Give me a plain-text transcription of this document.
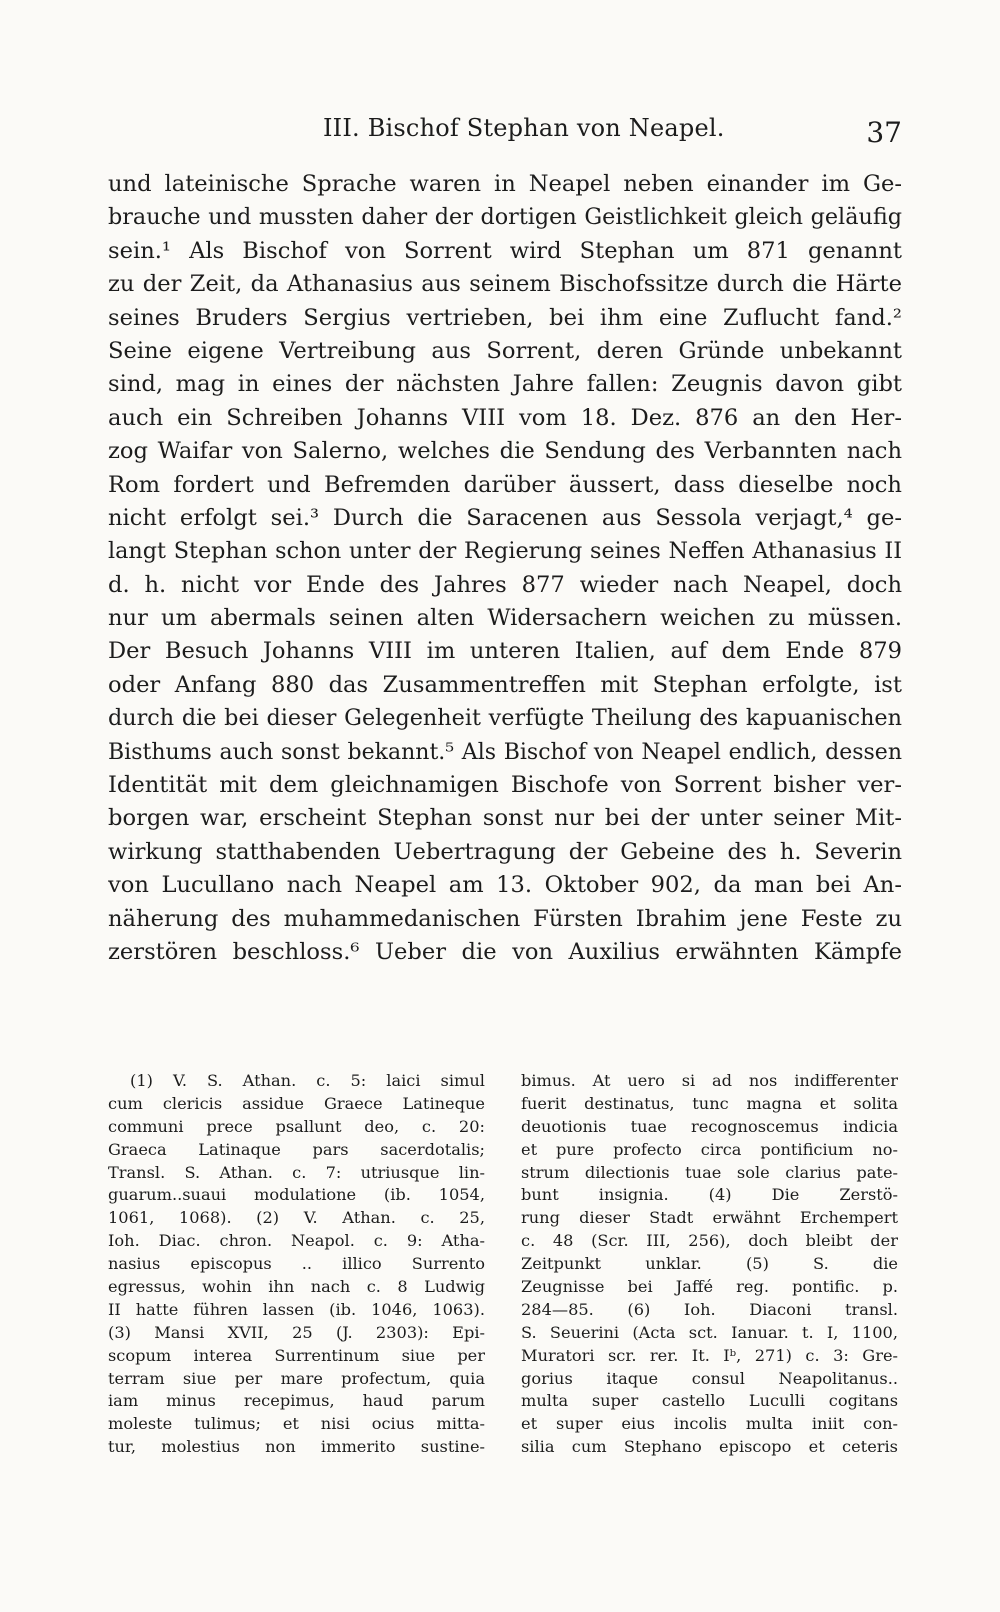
III. Bischof Stephan von Neapel.	37
und lateinische Sprache waren in Neapel neben einander im Ge-
brauche und mussten daher der dortigen Geistlichkeit gleich geläufig
sein.¹ Als Bischof von Sorrent wird Stephan um 871 genannt
zu der Zeit, da Athanasius aus seinem Bischofssitze durch die Härte
seines Bruders Sergius vertrieben, bei ihm eine Zuflucht fand.²
Seine eigene Vertreibung aus Sorrent, deren Gründe unbekannt
sind, mag in eines der nächsten Jahre fallen: Zeugnis davon gibt
auch ein Schreiben Johanns VIII vom 18. Dez. 876 an den Her-
zog Waifar von Salerno, welches die Sendung des Verbannten nach
Rom fordert und Befremden darüber äussert, dass dieselbe noch
nicht erfolgt sei.³ Durch die Saracenen aus Sessola verjagt,⁴ ge-
langt Stephan schon unter der Regierung seines Neffen Athanasius II
d. h. nicht vor Ende des Jahres 877 wieder nach Neapel, doch
nur um abermals seinen alten Widersachern weichen zu müssen.
Der Besuch Johanns VIII im unteren Italien, auf dem Ende 879
oder Anfang 880 das Zusammentreffen mit Stephan erfolgte, ist
durch die bei dieser Gelegenheit verfügte Theilung des kapuanischen
Bisthums auch sonst bekannt.⁵ Als Bischof von Neapel endlich, dessen
Identität mit dem gleichnamigen Bischofe von Sorrent bisher ver-
borgen war, erscheint Stephan sonst nur bei der unter seiner Mit-
wirkung statthabenden Uebertragung der Gebeine des h. Severin
von Lucullano nach Neapel am 13. Oktober 902, da man bei An-
näherung des muhammedanischen Fürsten Ibrahim jene Feste zu
zerstören beschloss.⁶ Ueber die von Auxilius erwähnten Kämpfe
(1) V. S. Athan. c. 5: laici simul
cum clericis assidue Graece Latineque
communi prece psallunt deo, c. 20:
Graeca Latinaque pars sacerdotalis;
Transl. S. Athan. c. 7: utriusque lin-
guarum..suaui modulatione (ib. 1054,
1061, 1068). (2) V. Athan. c. 25,
Ioh. Diac. chron. Neapol. c. 9: Atha-
nasius episcopus .. illico Surrento
egressus, wohin ihn nach c. 8 Ludwig
II hatte führen lassen (ib. 1046, 1063).
(3) Mansi XVII, 25 (J. 2303): Epi-
scopum interea Surrentinum siue per
terram siue per mare profectum, quia
iam minus recepimus, haud parum
moleste tulimus; et nisi ocius mitta-
tur, molestius non immerito sustine-
bimus. At uero si ad nos indifferenter
fuerit destinatus, tunc magna et solita
deuotionis tuae recognoscemus indicia
et pure profecto circa pontificium no-
strum dilectionis tuae sole clarius pate-
bunt insignia. (4) Die Zerstö-
rung dieser Stadt erwähnt Erchempert
c. 48 (Scr. III, 256), doch bleibt der
Zeitpunkt unklar. (5) S. die
Zeugnisse bei Jaffé reg. pontific. p.
284—85. (6) Ioh. Diaconi transl.
S. Seuerini (Acta sct. Ianuar. t. I, 1100,
Muratori scr. rer. It. Iᵇ, 271) c. 3: Gre-
gorius itaque consul Neapolitanus..
multa super castello Luculli cogitans
et super eius incolis multa iniit con-
silia cum Stephano episcopo et ceteris
